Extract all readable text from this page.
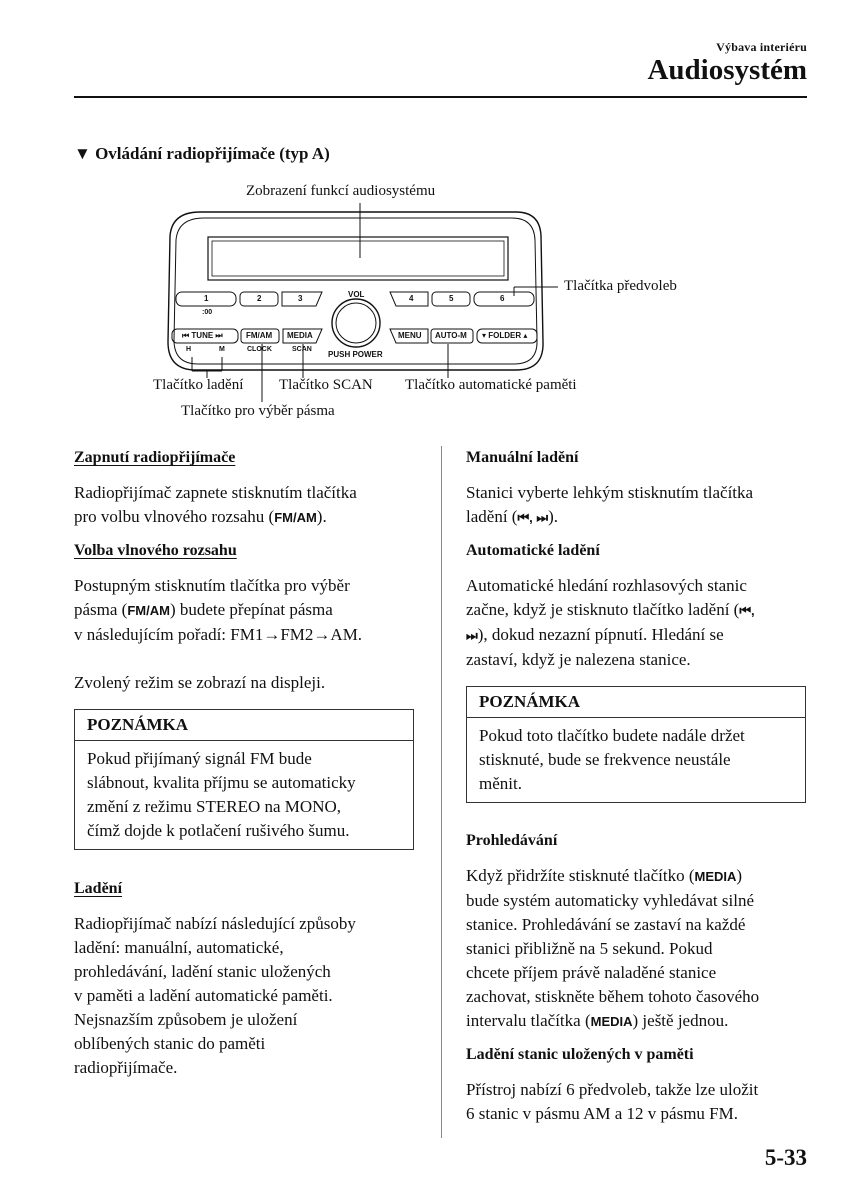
Výbava interiéru
Audiosystém
▼ Ovládání radiopřijímače (typ A)
Zobrazení funkcí audiosystému
Tlačítka předvoleb
Tlačítko ladění Tlačítko SCAN Tlačítko automatické paměti
Tlačítko pro výběr pásma
VOL
PUSH POWER
1
:00
2	3	4	5	6
⏮ TUNE ⏭
H	M
FM/AM
CLOCK
MEDIA
SCAN
MENU AUTO-M ▾ FOLDER ▴

Zapnutí radiopřijímače

Radiopřijímač zapnete stisknutím tlačítka

pro volbu vlnového rozsahu (FM/AM).

Volba vlnového rozsahu

Postupným stisknutím tlačítka pro výběr

pásma (FM/AM) budete přepínat pásma

v následujícím pořadí: FM1→FM2→AM.

Zvolený režim se zobrazí na displeji.

POZNÁMKA
Pokud přijímaný signál FM bude
slábnout, kvalita příjmu se automaticky
změní z režimu STEREO na MONO,
čímž dojde k potlačení rušivého šumu.

Ladění

Radiopřijímač nabízí následující způsoby
ladění: manuální, automatické,
prohledávání, ladění stanic uložených
v paměti a ladění automatické paměti.
Nejsnazším způsobem je uložení
oblíbených stanic do paměti
radiopřijímače.

Manuální ladění

Stanici vyberte lehkým stisknutím tlačítka

ladění (⏮, ⏭).

Automatické ladění

Automatické hledání rozhlasových stanic

začne, když je stisknuto tlačítko ladění (⏮,

⏭), dokud nezazní pípnutí. Hledání se

zastaví, když je nalezena stanice.

POZNÁMKA
Pokud toto tlačítko budete nadále držet
stisknuté, bude se frekvence neustále
měnit.

Prohledávání

Když přidržíte stisknuté tlačítko (MEDIA)
bude systém automaticky vyhledávat silné
stanice. Prohledávání se zastaví na každé
stanici přibližně na 5 sekund. Pokud
chcete příjem právě naladěné stanice
zachovat, stiskněte během tohoto časového
intervalu tlačítka (MEDIA) ještě jednou.

Ladění stanic uložených v paměti

Přístroj nabízí 6 předvoleb, takže lze uložit
6 stanic v pásmu AM a 12 v pásmu FM.
5-33
